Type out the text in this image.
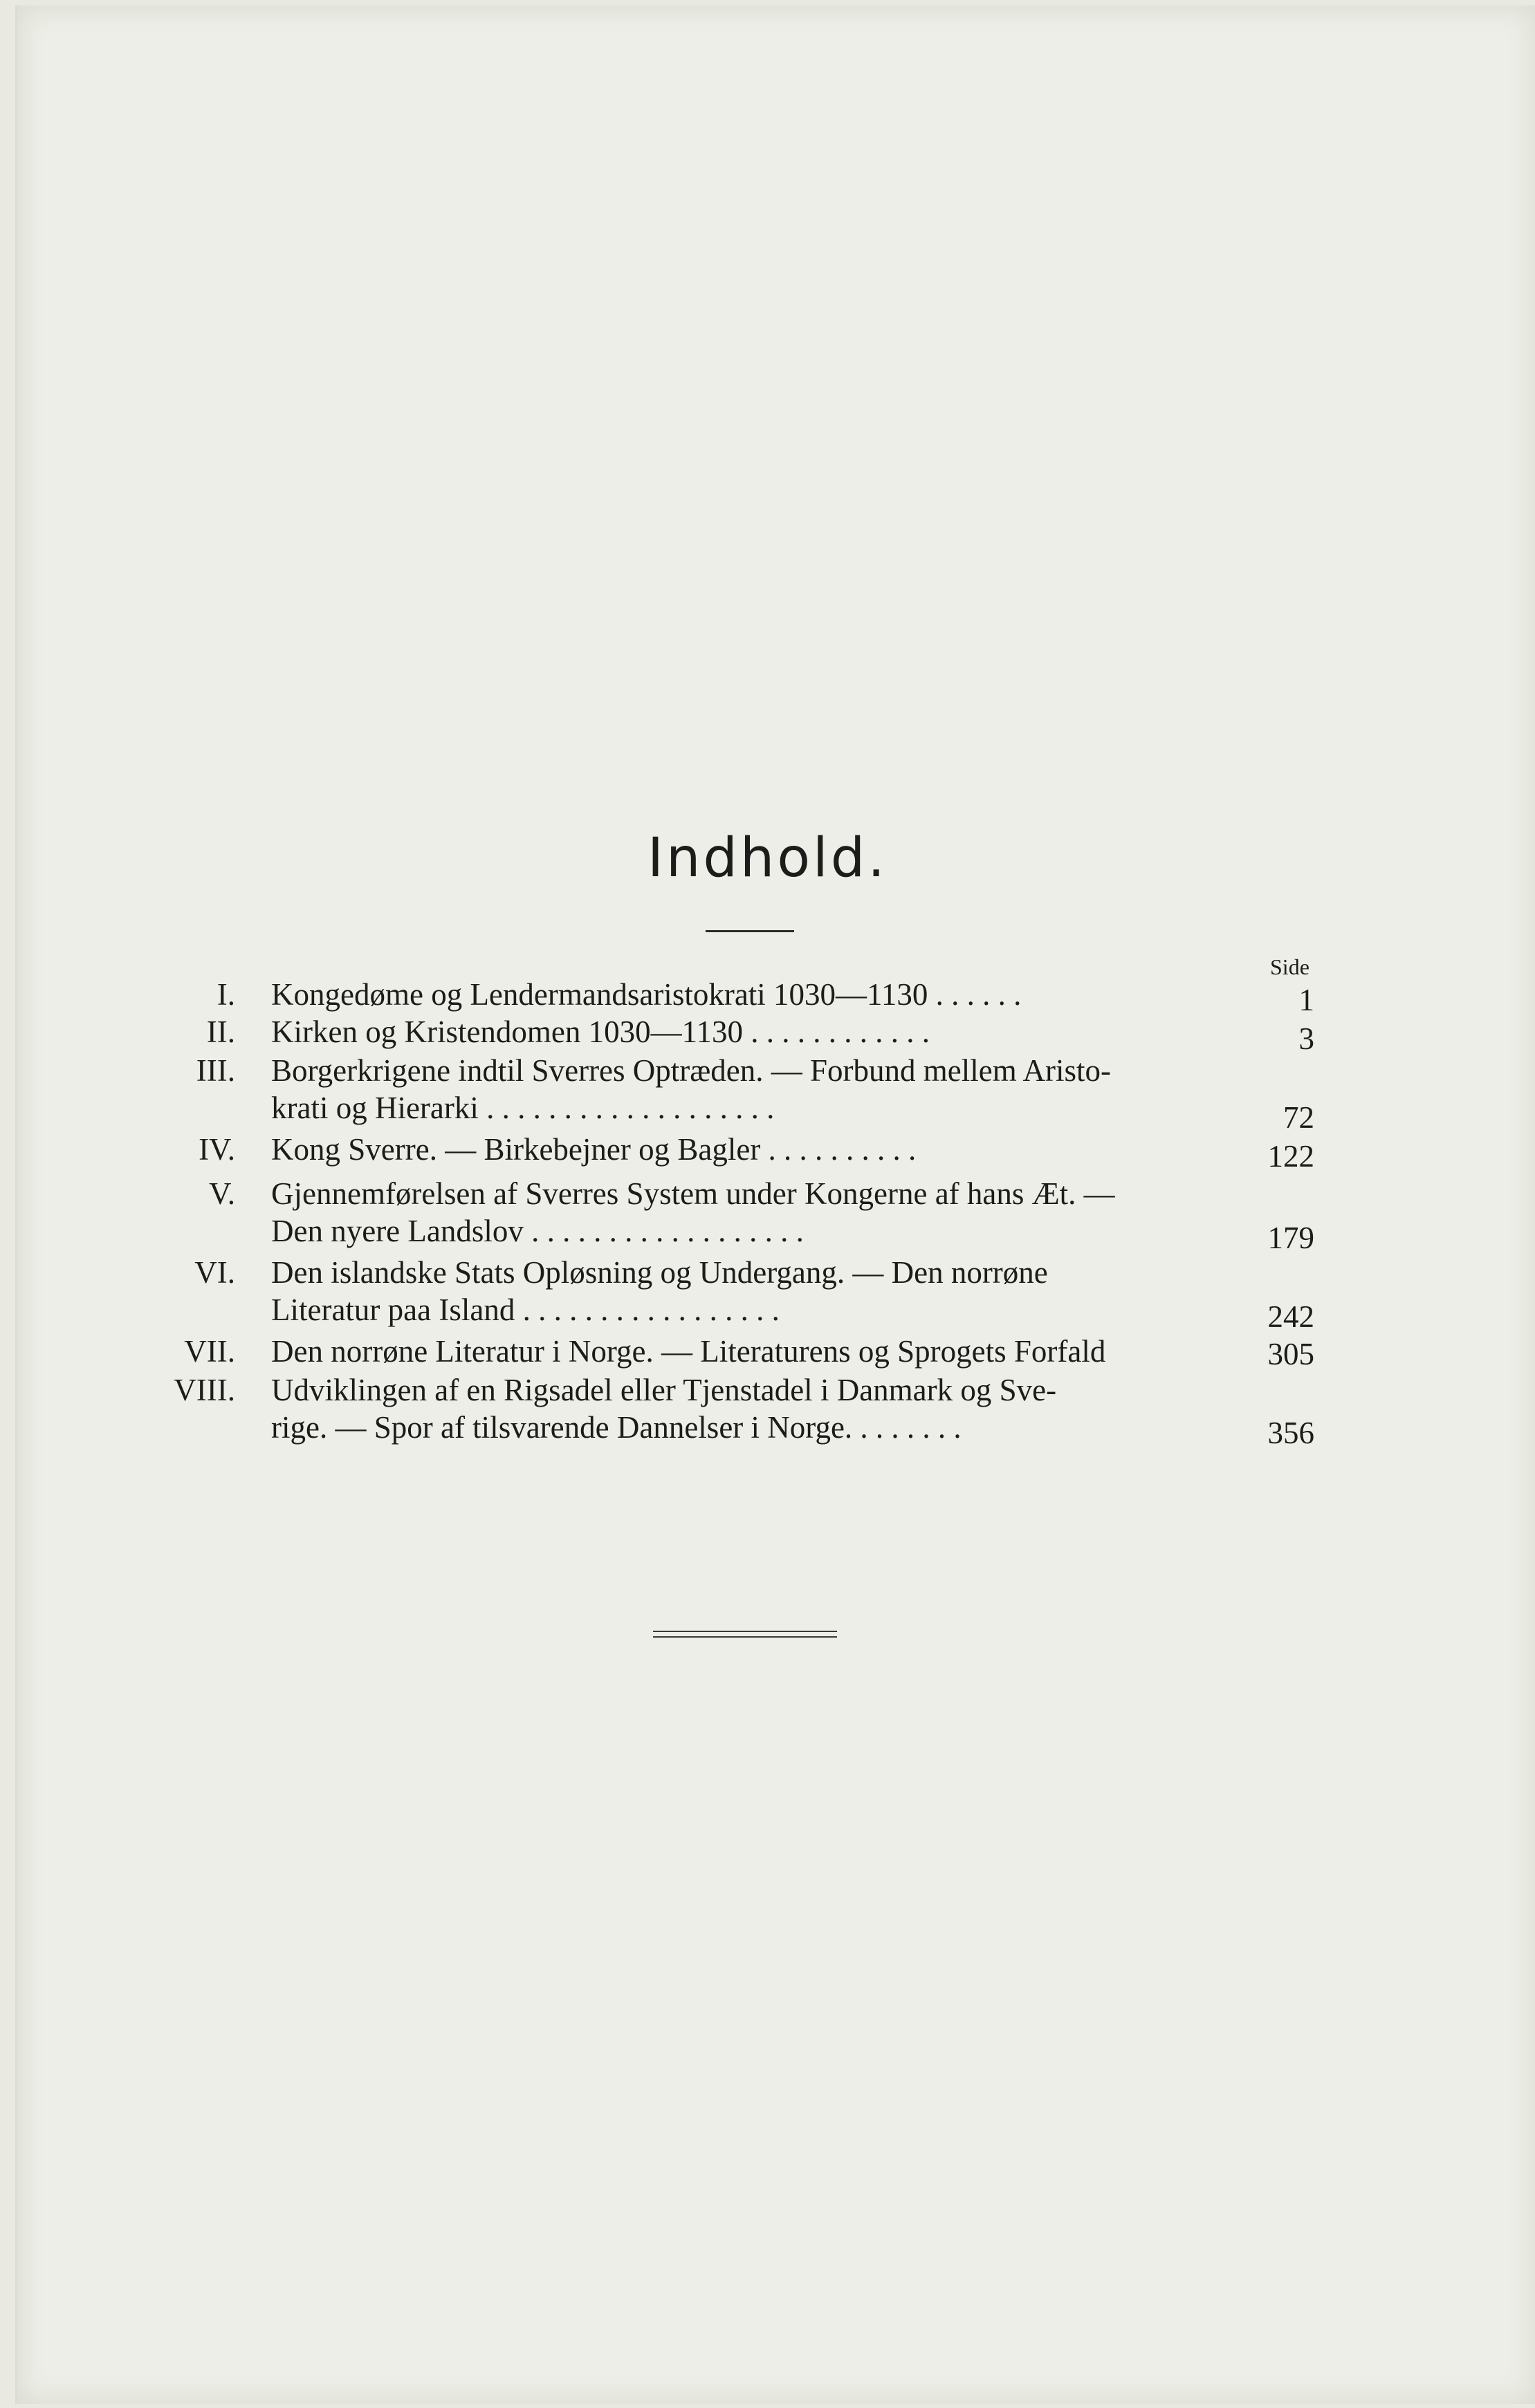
Indhold.
Side
I. Kongedøme og Lendermandsaristokrati 1030—1130 . . . . . .	1
II. Kirken og Kristendomen 1030—1130 . . . . . . . . . . . .	3
III. Borgerkrigene indtil Sverres Optræden. — Forbund mellem Aristo-
krati og Hierarki . . . . . . . . . . . . . . . . . . .	72
IV. Kong Sverre. — Birkebejner og Bagler . . . . . . . . . .	122
V. Gjennemførelsen af Sverres System under Kongerne af hans Æt. —
Den nyere Landslov . . . . . . . . . . . . . . . . . .	179
VI. Den islandske Stats Opløsning og Undergang. — Den norrøne
Literatur paa Island . . . . . . . . . . . . . . . . .	242
VII. Den norrøne Literatur i Norge. — Literaturens og Sprogets Forfald	305
VIII. Udviklingen af en Rigsadel eller Tjenstadel i Danmark og Sve-
rige. — Spor af tilsvarende Dannelser i Norge. . . . . . . .	356
